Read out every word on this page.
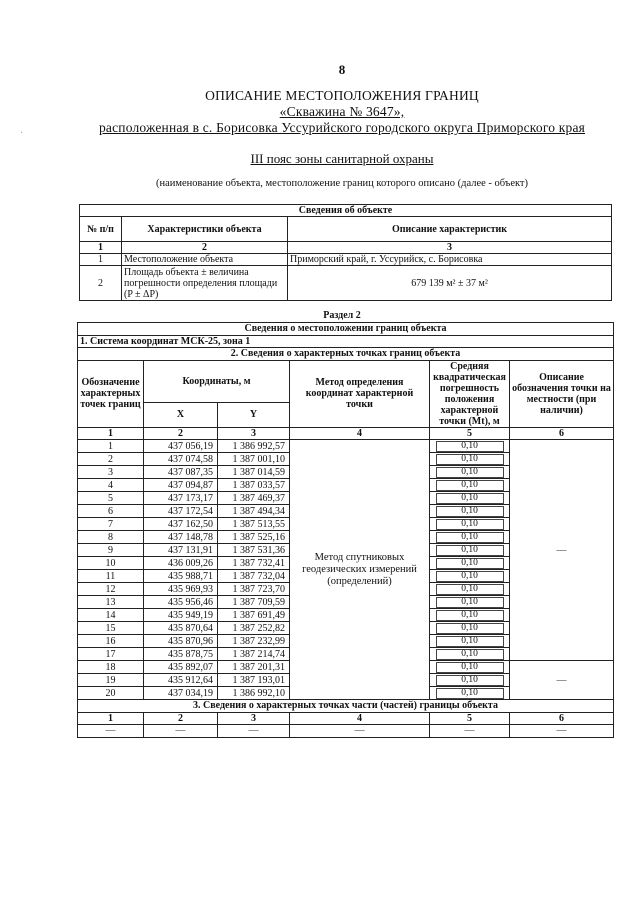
8
ОПИСАНИЕ МЕСТОПОЛОЖЕНИЯ ГРАНИЦ
«Скважина № 3647»,
расположенная в с. Борисовка Уссурийского городского округа Приморского края
·
III пояс зоны санитарной охраны
(наименование объекта, местоположение границ которого описано (далее - объект)
Сведения об объекте		
№ п/п	Характеристики объекта	Описание характеристик
1	2	3
1	Местоположение объекта	Приморский край, г. Уссурийск, с. Борисовка
2	Площадь объекта ± величина погрешности определения площади (P ± ΔP)	679 139 м² ± 37 м²
Раздел 2
Сведения о местоположении границ объекта					
1. Система координат МСК-25, зона 1					
2. Сведения о характерных точках границ объекта					
Обозначение характерных точек границ	Координаты, м		Метод определения координат характерной точки	Средняя квадратическая погрешность положения характерной точки (Mt), м	Описание обозначения точки на местности (при наличии)
	X	Y			
1	2	3	4	5	6
1	437 056,19	1 386 992,57	Метод спутниковых геодезических измерений (определений)	0,10	—
2	437 074,58	1 387 001,10		0,10	
3	437 087,35	1 387 014,59		0,10	
4	437 094,87	1 387 033,57		0,10	
5	437 173,17	1 387 469,37		0,10	
6	437 172,54	1 387 494,34		0,10	
7	437 162,50	1 387 513,55		0,10	
8	437 148,78	1 387 525,16		0,10	
9	437 131,91	1 387 531,36		0,10	
10	436 009,26	1 387 732,41		0,10	
11	435 988,71	1 387 732,04		0,10	
12	435 969,93	1 387 723,70		0,10	
13	435 956,46	1 387 709,59		0,10	
14	435 949,19	1 387 691,49		0,10	
15	435 870,64	1 387 252,82		0,10	
16	435 870,96	1 387 232,99		0,10	
17	435 878,75	1 387 214,74		0,10	
18	435 892,07	1 387 201,31		0,10	—
19	435 912,64	1 387 193,01		0,10	
20	437 034,19	1 386 992,10		0,10	
3. Сведения о характерных точках части (частей) границы объекта					
1	2	3	4	5	6
—	—	—	—	—	—
